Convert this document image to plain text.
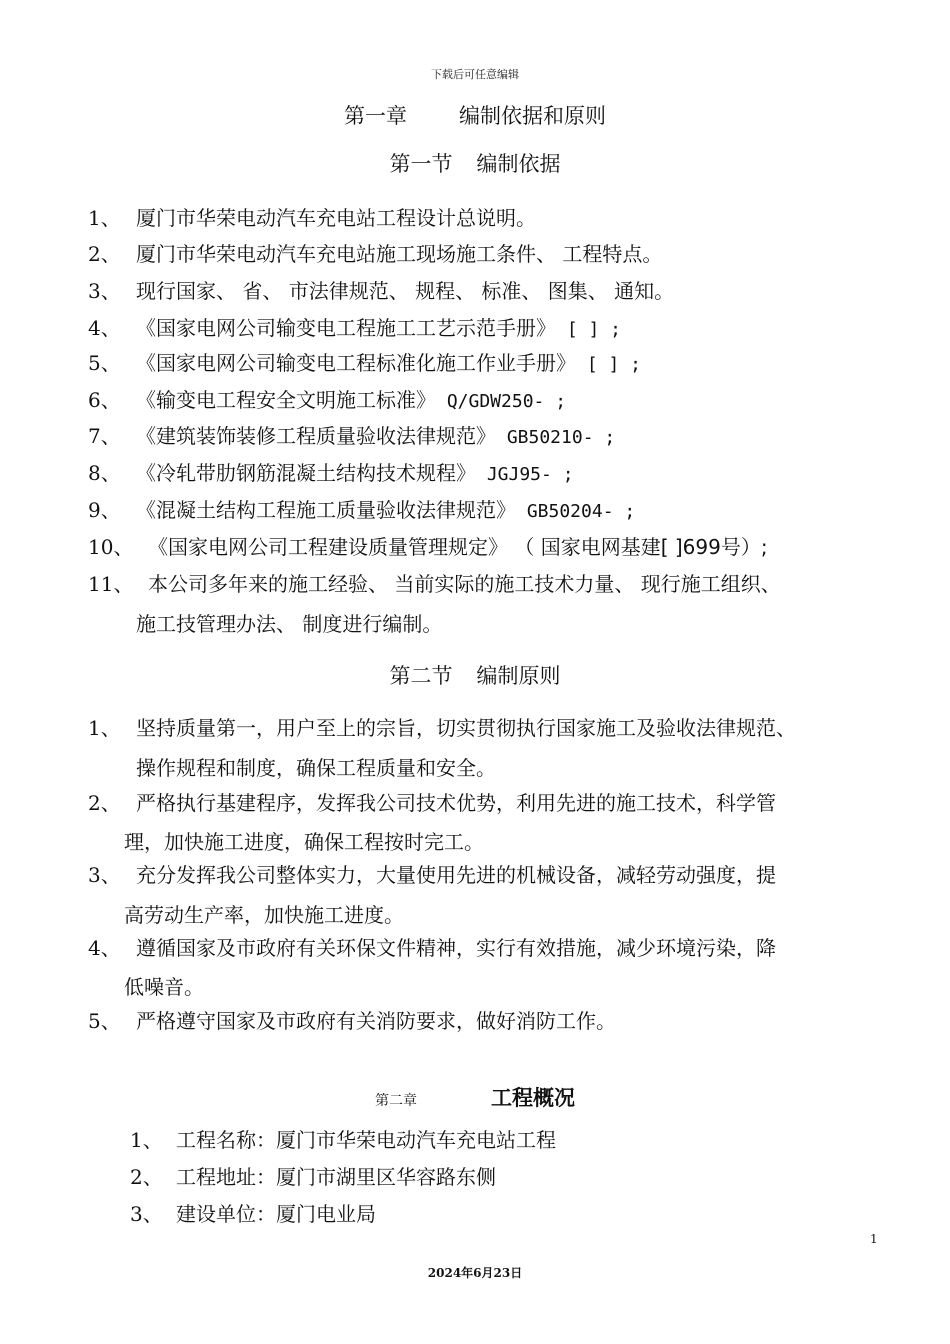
下载后可任意编辑
第一章 编制依据和原则
第一节 编制依据
1、 厦门市华荣电动汽车充电站工程设计总说明。
2、 厦门市华荣电动汽车充电站施工现场施工条件、 工程特点。
3、 现行国家、 省、 市法律规范、 规程、 标准、 图集、 通知。
4、 《国家电网公司输变电工程施工工艺示范手册》 [ ] ;
5、 《国家电网公司输变电工程标准化施工作业手册》 [ ] ;
6、 《输变电工程安全文明施工标准》 Q/GDW250- ;
7、 《建筑装饰装修工程质量验收法律规范》 GB50210- ;
8、 《冷轧带肋钢筋混凝土结构技术规程》 JGJ95- ;
9、 《混凝土结构工程施工质量验收法律规范》 GB50204- ;
10、 《国家电网公司工程建设质量管理规定》 （ 国家电网基建[ ]699号）;
11、 本公司多年来的施工经验、 当前实际的施工技术力量、 现行施工组织、
施工技管理办法、 制度进行编制。
第二节 编制原则
1、 坚持质量第一，用户至上的宗旨，切实贯彻执行国家施工及验收法律规范、
操作规程和制度，确保工程质量和安全。
2、 严格执行基建程序，发挥我公司技术优势，利用先进的施工技术，科学管
理，加快施工进度，确保工程按时完工。
3、 充分发挥我公司整体实力，大量使用先进的机械设备，减轻劳动强度，提
高劳动生产率，加快施工进度。
4、 遵循国家及市政府有关环保文件精神，实行有效措施，减少环境污染，降
低噪音。
5、 严格遵守国家及市政府有关消防要求，做好消防工作。
第二章	工程概况
1、 工程名称：厦门市华荣电动汽车充电站工程
2、 工程地址：厦门市湖里区华容路东侧
3、 建设单位：厦门电业局
1
2024年6月23日
